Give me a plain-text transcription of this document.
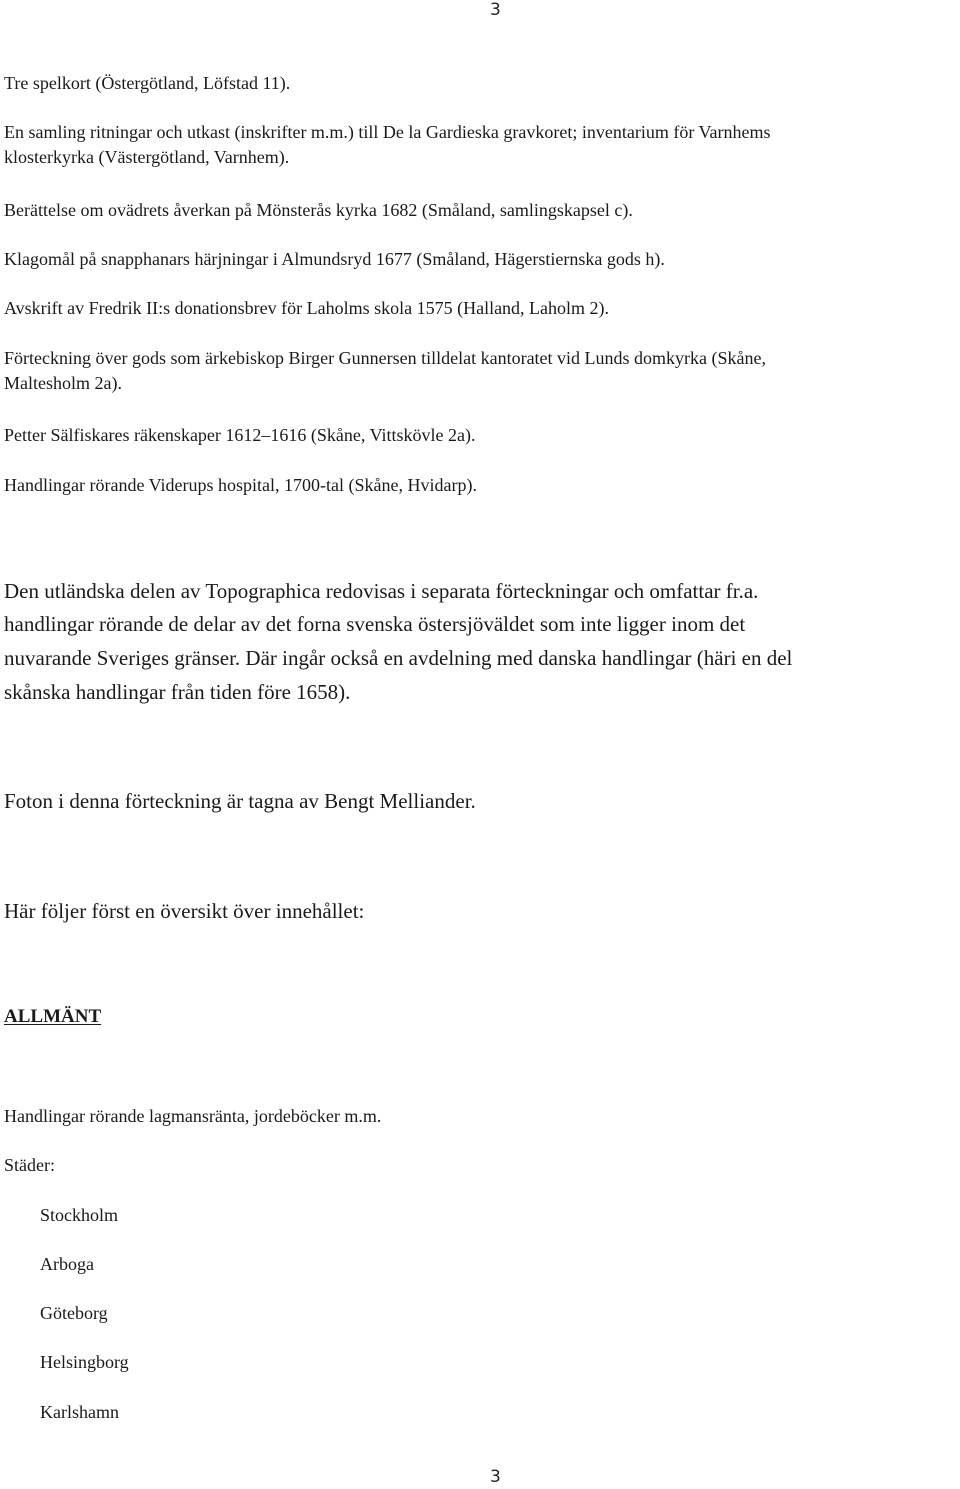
3
Tre spelkort (Östergötland, Löfstad 11).
En samling ritningar och utkast (inskrifter m.m.) till De la Gardieska gravkoret; inventarium för Varnhems
klosterkyrka (Västergötland, Varnhem).
Berättelse om ovädrets åverkan på Mönsterås kyrka 1682 (Småland, samlingskapsel c).
Klagomål på snapphanars härjningar i Almundsryd 1677 (Småland, Hägerstiernska gods h).
Avskrift av Fredrik II:s donationsbrev för Laholms skola 1575 (Halland, Laholm 2).
Förteckning över gods som ärkebiskop Birger Gunnersen tilldelat kantoratet vid Lunds domkyrka (Skåne,
Maltesholm 2a).
Petter Sälfiskares räkenskaper 1612–1616 (Skåne, Vittskövle 2a).
Handlingar rörande Viderups hospital, 1700-tal (Skåne, Hvidarp).
Den utländska delen av Topographica redovisas i separata förteckningar och omfattar fr.a.
handlingar rörande de delar av det forna svenska östersjöväldet som inte ligger inom det
nuvarande Sveriges gränser. Där ingår också en avdelning med danska handlingar (häri en del
skånska handlingar från tiden före 1658).
Foton i denna förteckning är tagna av Bengt Melliander.
Här följer först en översikt över innehållet:
ALLMÄNT
Handlingar rörande lagmansränta, jordeböcker m.m.
Städer:
Stockholm
Arboga
Göteborg
Helsingborg
Karlshamn
3
